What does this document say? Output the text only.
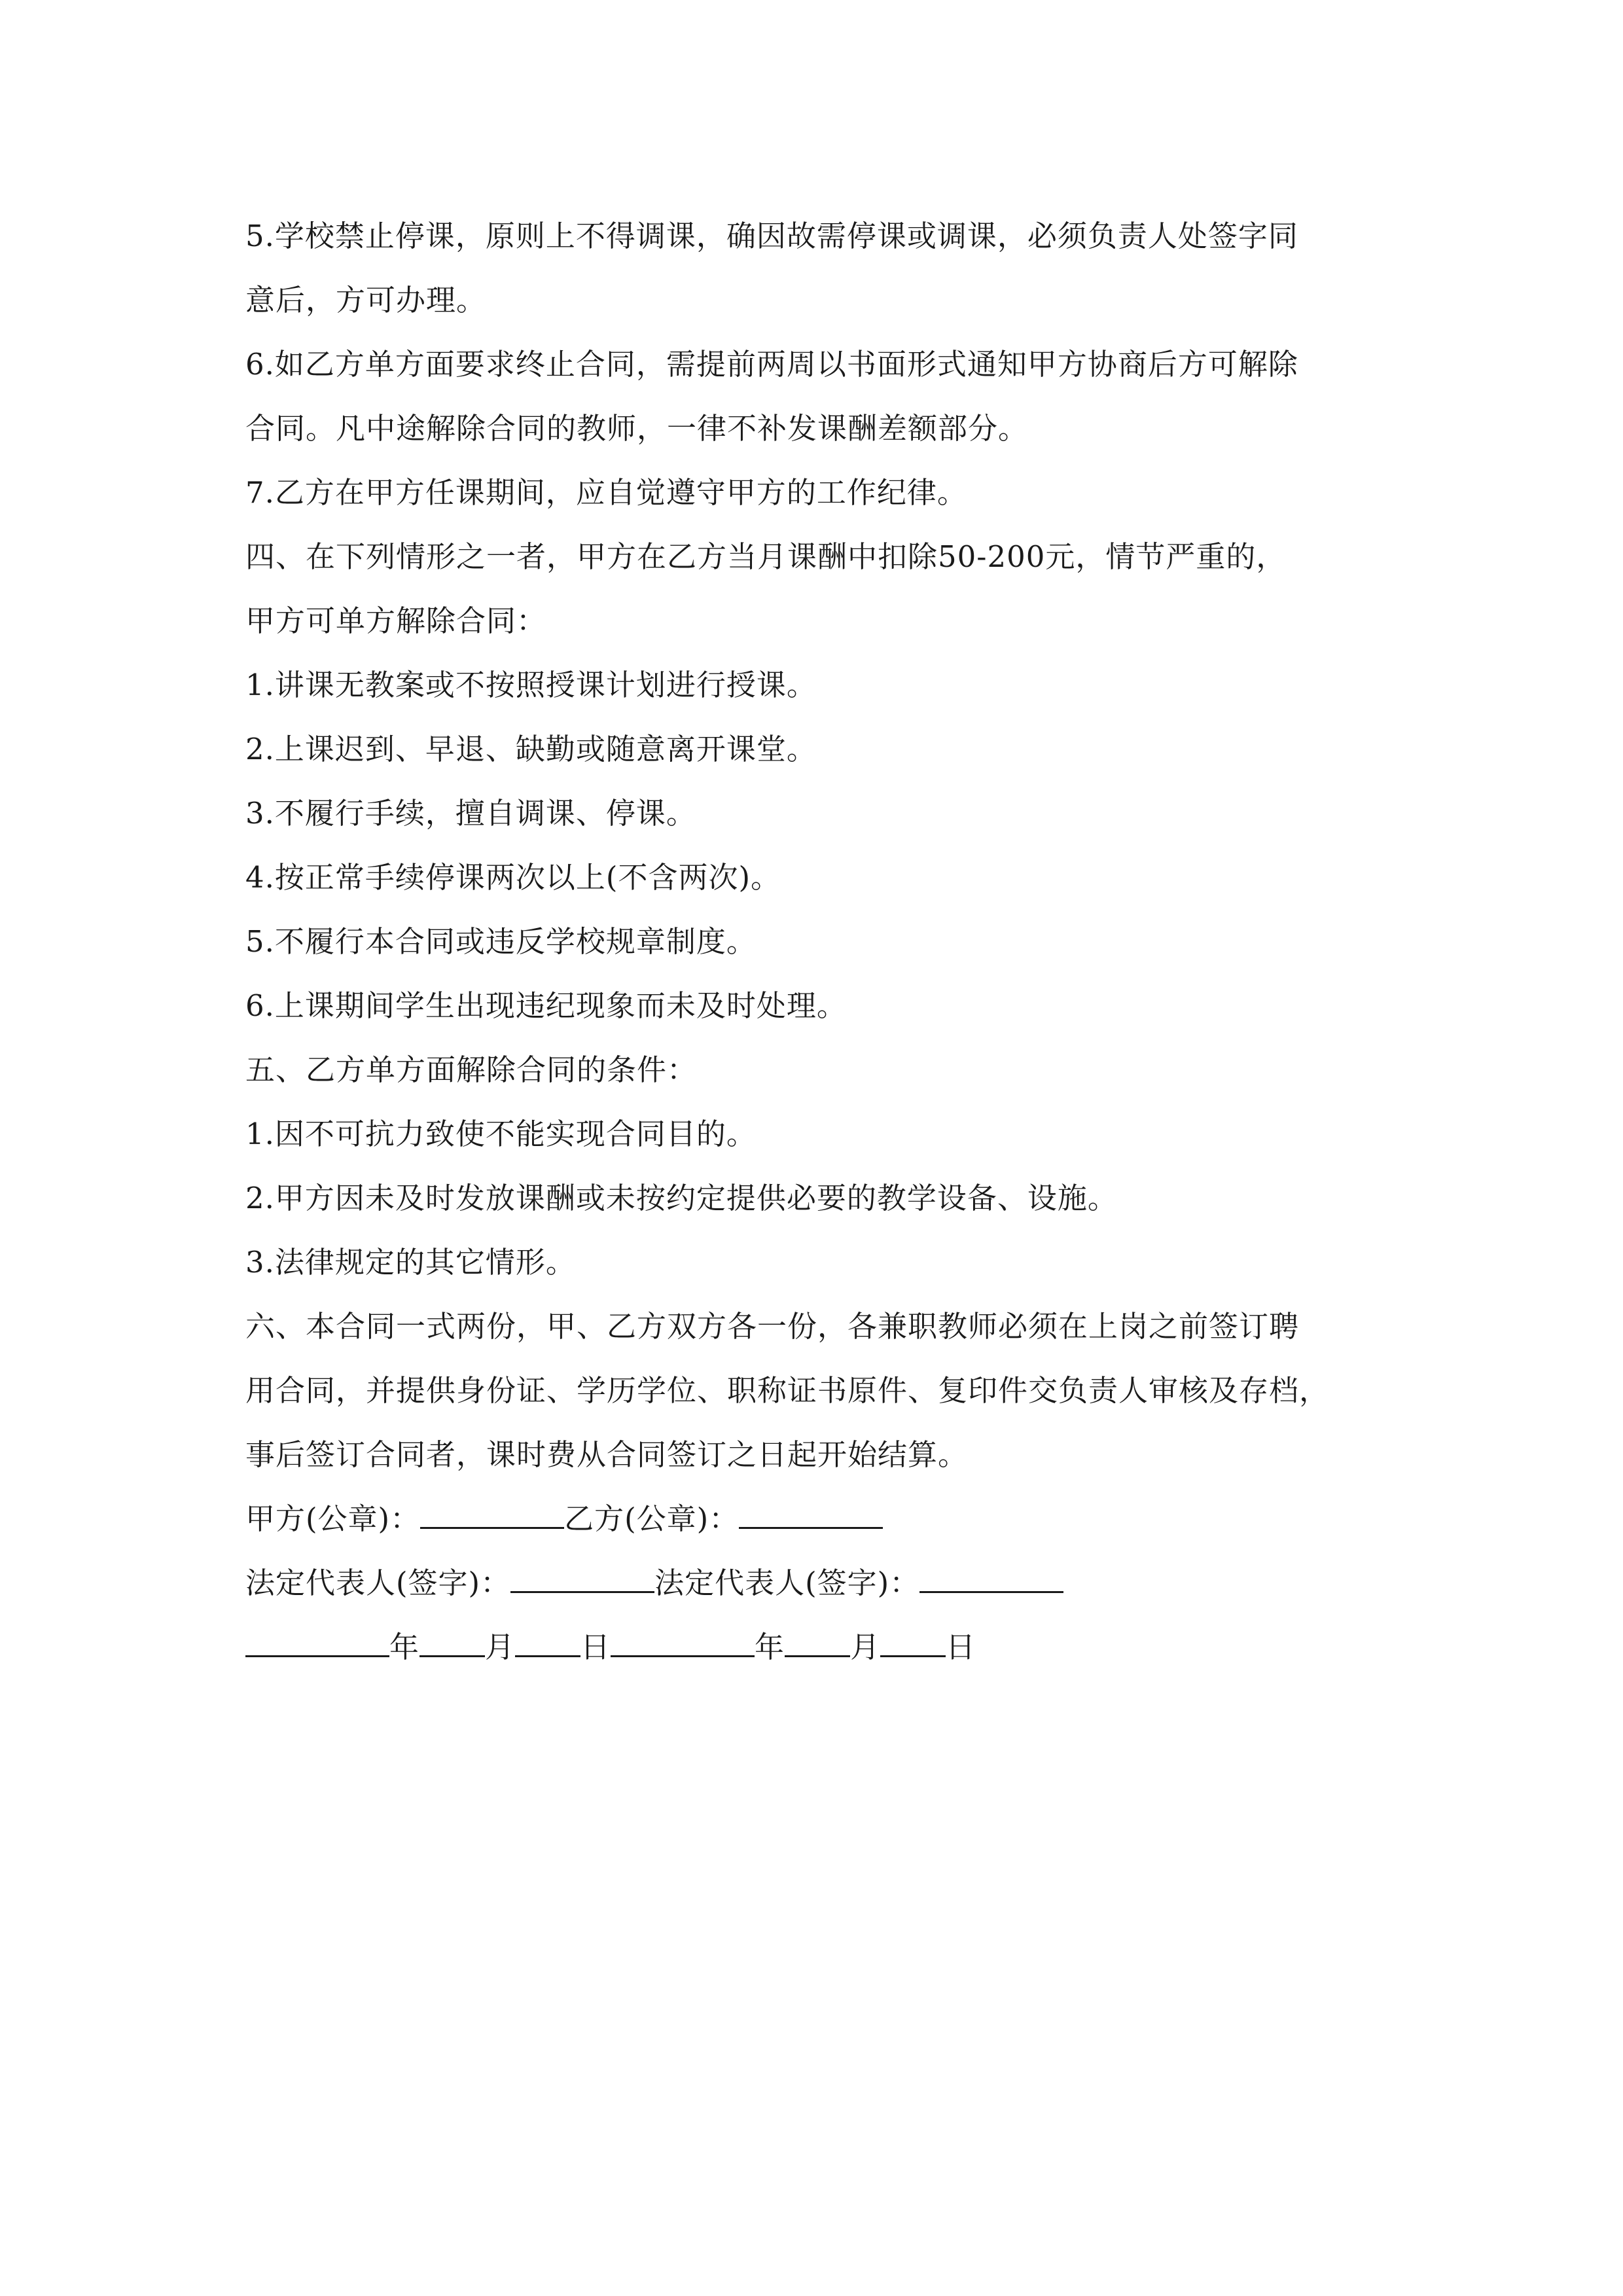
5.学校禁止停课，原则上不得调课，确因故需停课或调课，必须负责人处签字同
意后，方可办理。
6.如乙方单方面要求终止合同，需提前两周以书面形式通知甲方协商后方可解除
合同。凡中途解除合同的教师，一律不补发课酬差额部分。
7.乙方在甲方任课期间，应自觉遵守甲方的工作纪律。
四、在下列情形之一者，甲方在乙方当月课酬中扣除50-200元，情节严重的，
甲方可单方解除合同：
1.讲课无教案或不按照授课计划进行授课。
2.上课迟到、早退、缺勤或随意离开课堂。
3.不履行手续，擅自调课、停课。
4.按正常手续停课两次以上(不含两次)。
5.不履行本合同或违反学校规章制度。
6.上课期间学生出现违纪现象而未及时处理。
五、乙方单方面解除合同的条件：
1.因不可抗力致使不能实现合同目的。
2.甲方因未及时发放课酬或未按约定提供必要的教学设备、设施。
3.法律规定的其它情形。
六、本合同一式两份，甲、乙方双方各一份，各兼职教师必须在上岗之前签订聘
用合同，并提供身份证、学历学位、职称证书原件、复印件交负责人审核及存档，
事后签订合同者，课时费从合同签订之日起开始结算。
甲方(公章)：	乙方(公章)：
法定代表人(签字)：	法定代表人(签字)：
年 月 日	年 月 日
